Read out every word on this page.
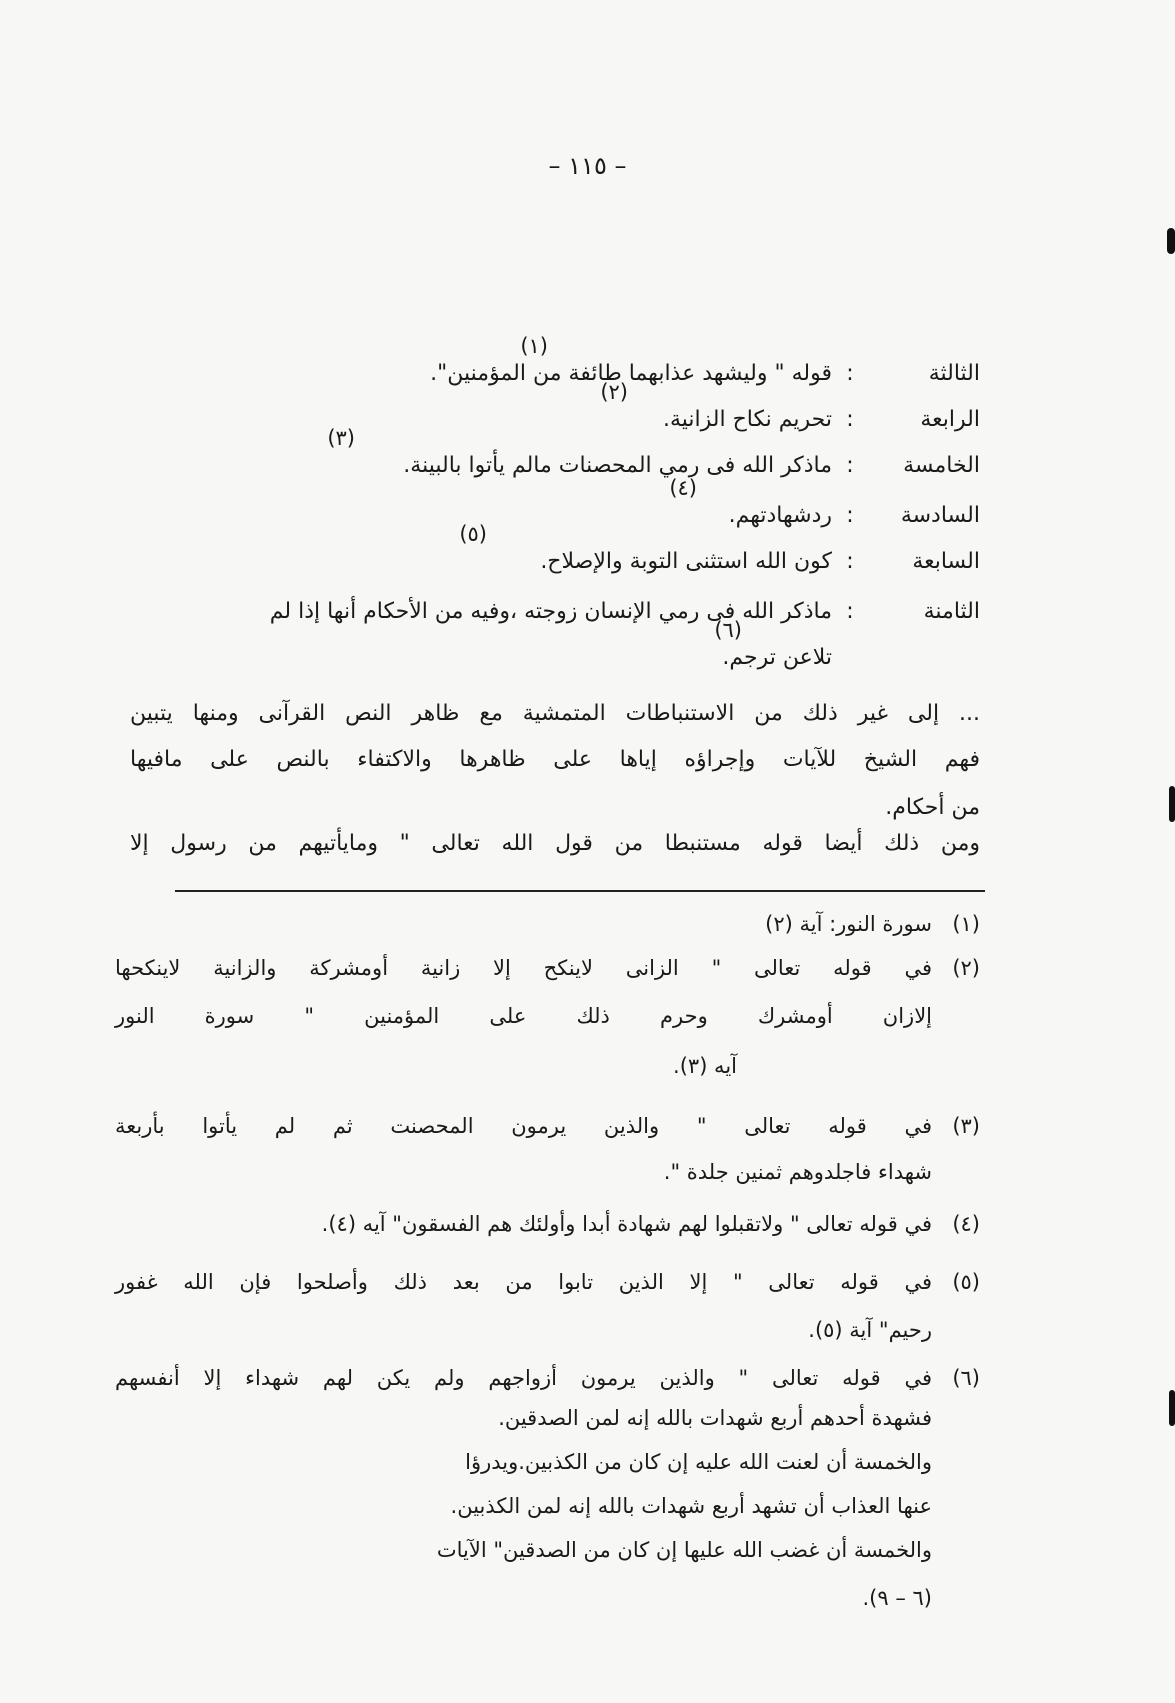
– ١١٥ –
(١)
الثالثة:قوله " وليشهد عذابهما طائفة من المؤمنين".
(٢)
الرابعة:تحريم نكاح الزانية.
(٣)
الخامسة:ماذكر الله فى رمي المحصنات مالم يأتوا بالبينة.
(٤)
السادسة:ردشهادتهم.
(٥)
السابعة:كون الله استثنى التوبة والإصلاح.
الثامنة:ماذكر الله فى رمي الإنسان زوجته ،وفيه من الأحكام أنها إذا لم
(٦)
تلاعن ترجم.
... إلى غير ذلك من الاستنباطات المتمشية مع ظاهر النص القرآنى ومنها يتبين
فهم الشيخ للآيات وإجراؤه إياها على ظاهرها والاكتفاء بالنص على مافيها
من أحكام.
ومن ذلك أيضا قوله مستنبطا من قول الله تعالى " ومايأتيهم من رسول إلا
(١)سورة النور: آية (٢)
(٢)في قوله تعالى " الزانى لاينكح إلا زانية أومشركة والزانية لاينكحها
إلازان أومشرك وحرم ذلك على المؤمنين " سورة النور
آيه (٣).
(٣)في قوله تعالى " والذين يرمون المحصنت ثم لم يأتوا بأربعة
شهداء فاجلدوهم ثمنين جلدة ".
(٤)في قوله تعالى " ولاتقبلوا لهم شهادة أبدا وأولئك هم الفسقون" آيه (٤).
(٥)في قوله تعالى " إلا الذين تابوا من بعد ذلك وأصلحوا فإن الله غفور
رحيم" آية (٥).
(٦)في قوله تعالى " والذين يرمون أزواجهم ولم يكن لهم شهداء إلا أنفسهم
فشهدة أحدهم أربع شهدات بالله إنه لمن الصدقين.
والخمسة أن لعنت الله عليه إن كان من الكذبين.ويدرؤا
عنها العذاب أن تشهد أربع شهدات بالله إنه لمن الكذبين.
والخمسة أن غضب الله عليها إن كان من الصدقين" الآيات
(٦ – ٩).
